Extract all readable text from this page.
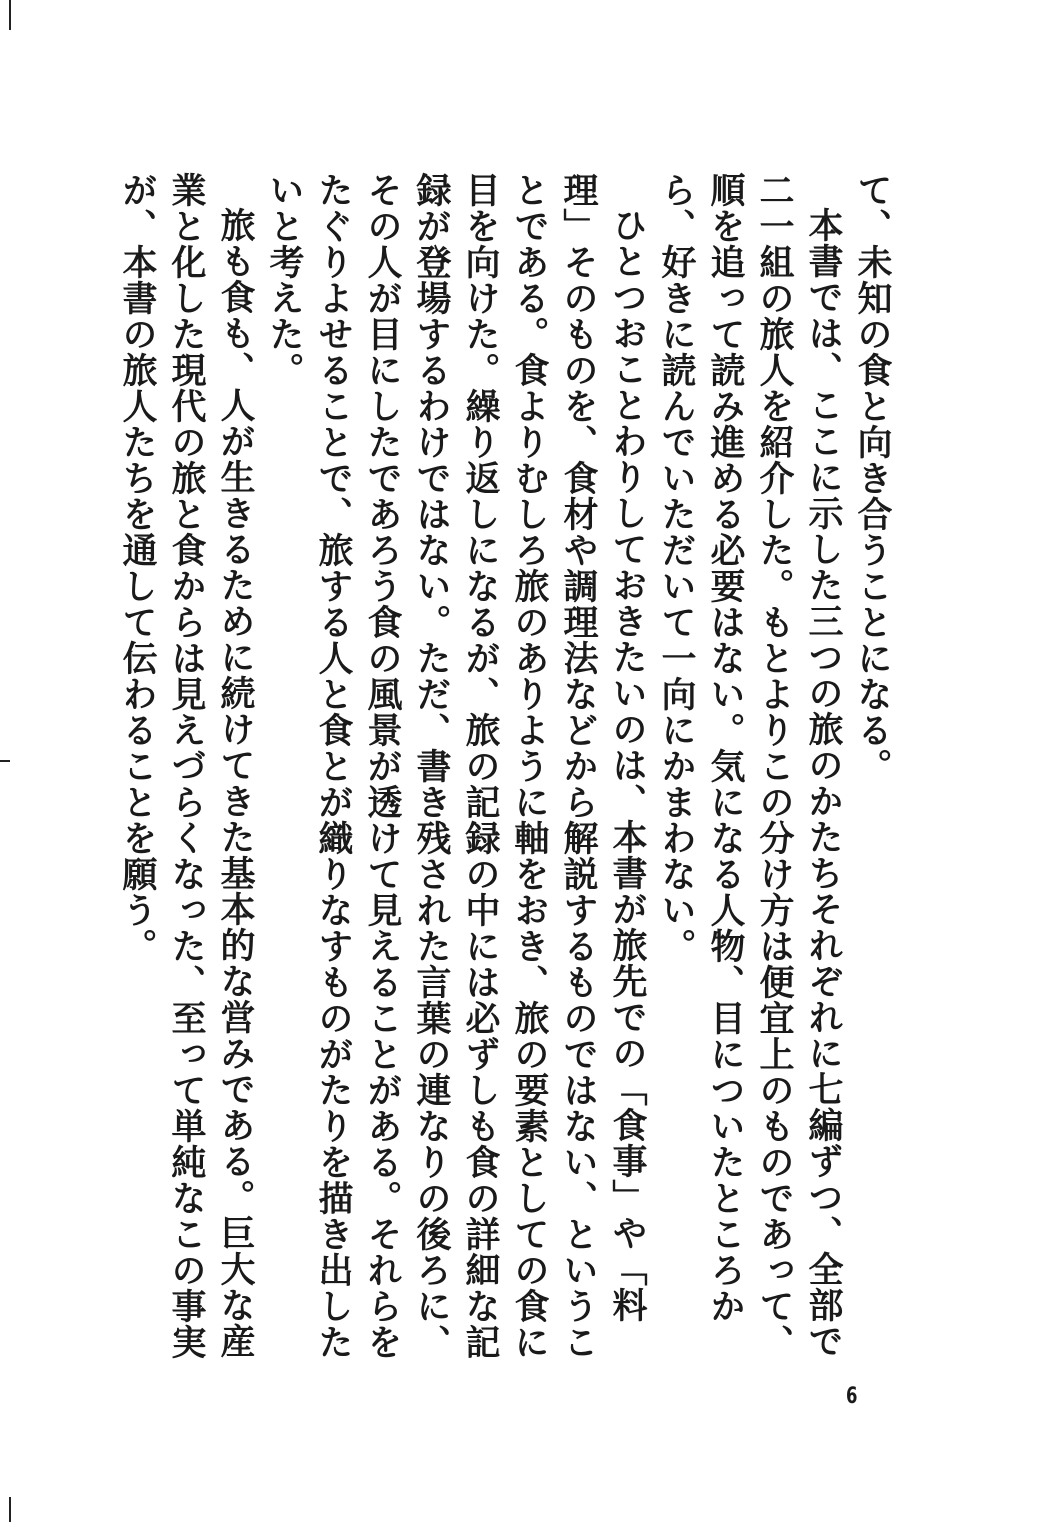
て、未知の食と向き合うことになる。

本書では、ここに示した三つの旅のかたちそれぞれに七編ずつ、全部で二一組の旅人を紹介した。もとよりこの分け方は便宜上のものであって、順を追って読み進める必要はない。気になる人物、目についたところから、好きに読んでいただいて一向にかまわない。

ひとつおことわりしておきたいのは、本書が旅先での「食事」や「料理」そのものを、食材や調理法などから解説するものではない、ということである。食よりむしろ旅のありように軸をおき、旅の要素としての食に目を向けた。繰り返しになるが、旅の記録の中には必ずしも食の詳細な記録が登場するわけではない。ただ、書き残された言葉の連なりの後ろに、その人が目にしたであろう食の風景が透けて見えることがある。それらをたぐりよせることで、旅する人と食とが織りなすものがたりを描き出したいと考えた。

旅も食も、人が生きるために続けてきた基本的な営みである。巨大な産業と化した現代の旅と食からは見えづらくなった、至って単純なこの事実が、本書の旅人たちを通して伝わることを願う。

6
